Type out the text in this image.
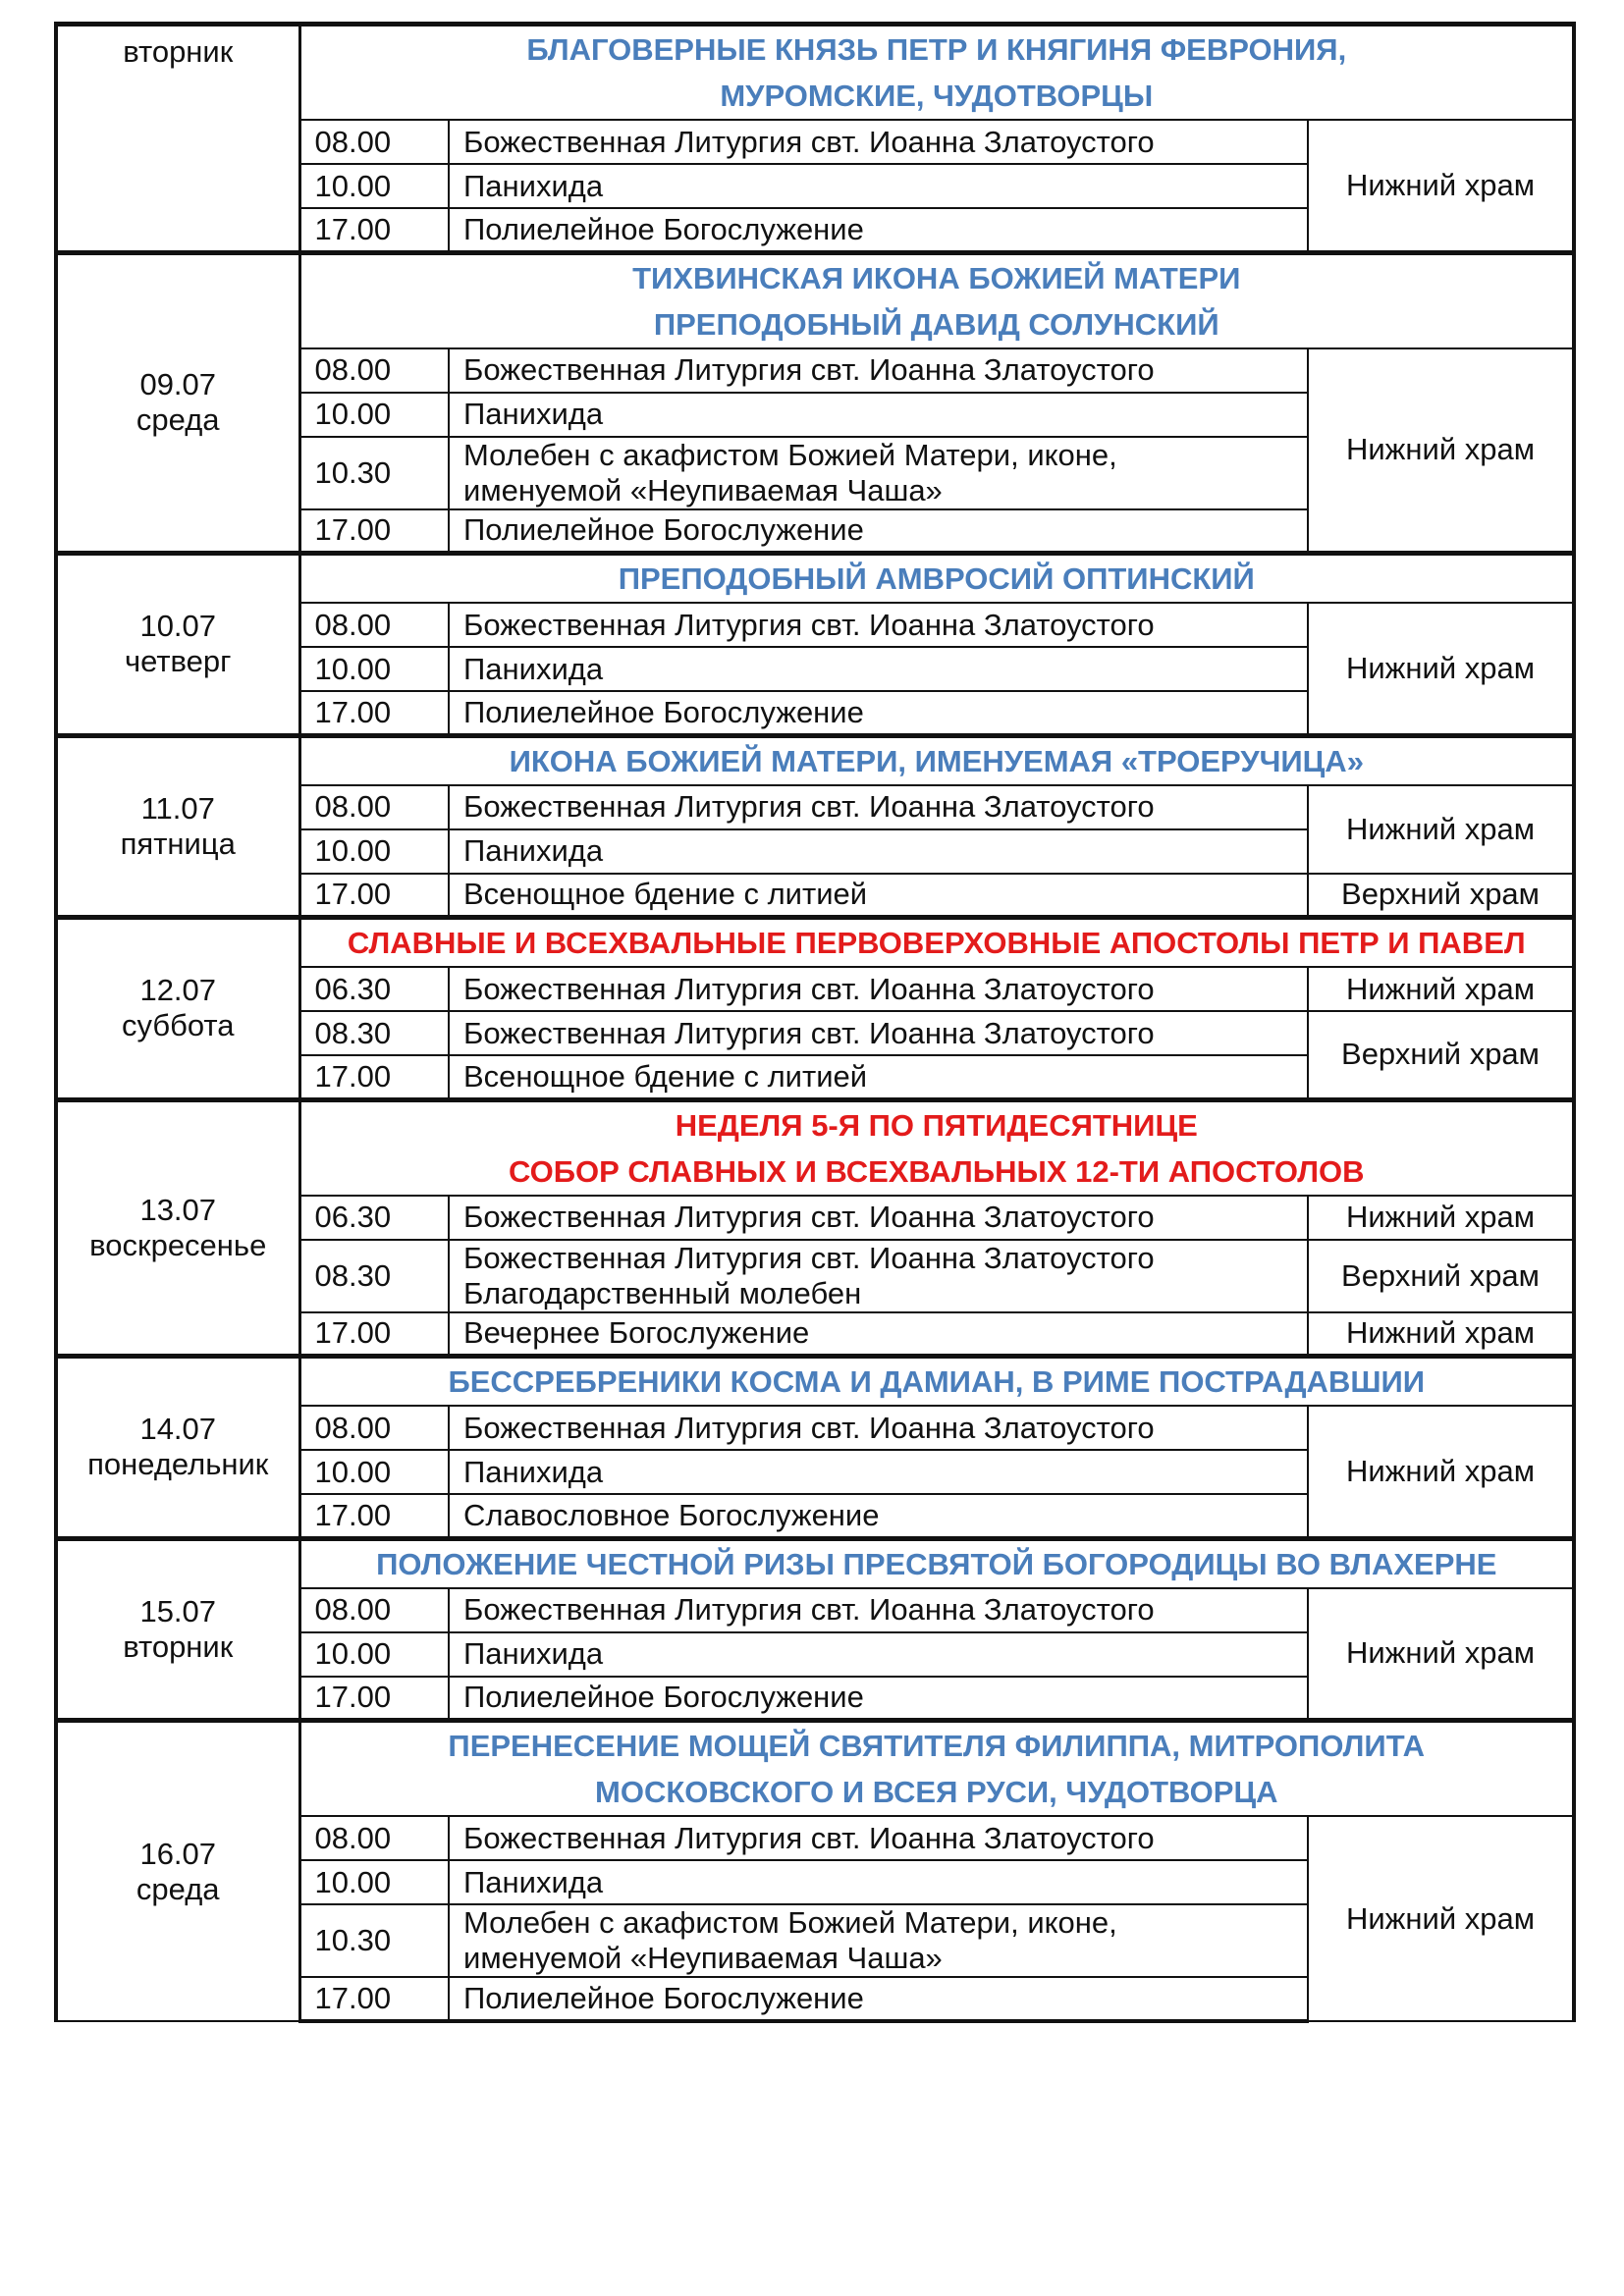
вторник	БЛАГОВЕРНЫЕ КНЯЗЬ ПЕТР И КНЯГИНЯ ФЕВРОНИЯ,
МУРОМСКИЕ, ЧУДОТВОРЦЫ		

	08.00	Божественная Литургия свт. Иоанна Златоустого	Нижний храм
	10.00	Панихида	
	17.00	Полиелейное Богослужение	

09.07
среда	ТИХВИНСКАЯ ИКОНА БОЖИЕЙ МАТЕРИ
ПРЕПОДОБНЫЙ ДАВИД СОЛУНСКИЙ		

	08.00	Божественная Литургия свт. Иоанна Златоустого	Нижний храм
	10.00	Панихида	
	10.30	Молебен с акафистом Божией Матери, иконе,
именуемой «Неупиваемая Чаша»	

	17.00	Полиелейное Богослужение	

10.07
четверг	ПРЕПОДОБНЫЙ АМВРОСИЙ ОПТИНСКИЙ		

	08.00	Божественная Литургия свт. Иоанна Златоустого	Нижний храм
	10.00	Панихида	
	17.00	Полиелейное Богослужение	

11.07
пятница	ИКОНА БОЖИЕЙ МАТЕРИ, ИМЕНУЕМАЯ «ТРОЕРУЧИЦА»		

	08.00	Божественная Литургия свт. Иоанна Златоустого	Нижний храм
	10.00	Панихида	
	17.00	Всенощное бдение с литией	Верхний храм

12.07
суббота	СЛАВНЫЕ И ВСЕХВАЛЬНЫЕ ПЕРВОВЕРХОВНЫЕ АПОСТОЛЫ ПЕТР И ПАВЕЛ		

	06.30	Божественная Литургия свт. Иоанна Златоустого	Нижний храм
	08.30	Божественная Литургия свт. Иоанна Златоустого	Верхний храм
	17.00	Всенощное бдение с литией	

13.07
воскресенье	НЕДЕЛЯ 5-Я ПО ПЯТИДЕСЯТНИЦЕ
СОБОР СЛАВНЫХ И ВСЕХВАЛЬНЫХ 12-ТИ АПОСТОЛОВ		

	06.30	Божественная Литургия свт. Иоанна Златоустого	Нижний храм
	08.30	Божественная Литургия свт. Иоанна Златоустого
Благодарственный молебен	Верхний храм
	17.00	Вечернее Богослужение	Нижний храм

14.07
понедельник	БЕССРЕБРЕНИКИ КОСМА И ДАМИАН, В РИМЕ ПОСТРАДАВШИИ		

	08.00	Божественная Литургия свт. Иоанна Златоустого	Нижний храм
	10.00	Панихида	
	17.00	Славословное Богослужение	

15.07
вторник	ПОЛОЖЕНИЕ ЧЕСТНОЙ РИЗЫ ПРЕСВЯТОЙ БОГОРОДИЦЫ ВО ВЛАХЕРНЕ		

	08.00	Божественная Литургия свт. Иоанна Златоустого	Нижний храм
	10.00	Панихида	
	17.00	Полиелейное Богослужение	

16.07
среда	ПЕРЕНЕСЕНИЕ МОЩЕЙ СВЯТИТЕЛЯ ФИЛИППА, МИТРОПОЛИТА
МОСКОВСКОГО И ВСЕЯ РУСИ, ЧУДОТВОРЦА		

	08.00	Божественная Литургия свт. Иоанна Златоустого	Нижний храм
	10.00	Панихида	
	10.30	Молебен с акафистом Божией Матери, иконе,
именуемой «Неупиваемая Чаша»	

	17.00	Полиелейное Богослужение	
